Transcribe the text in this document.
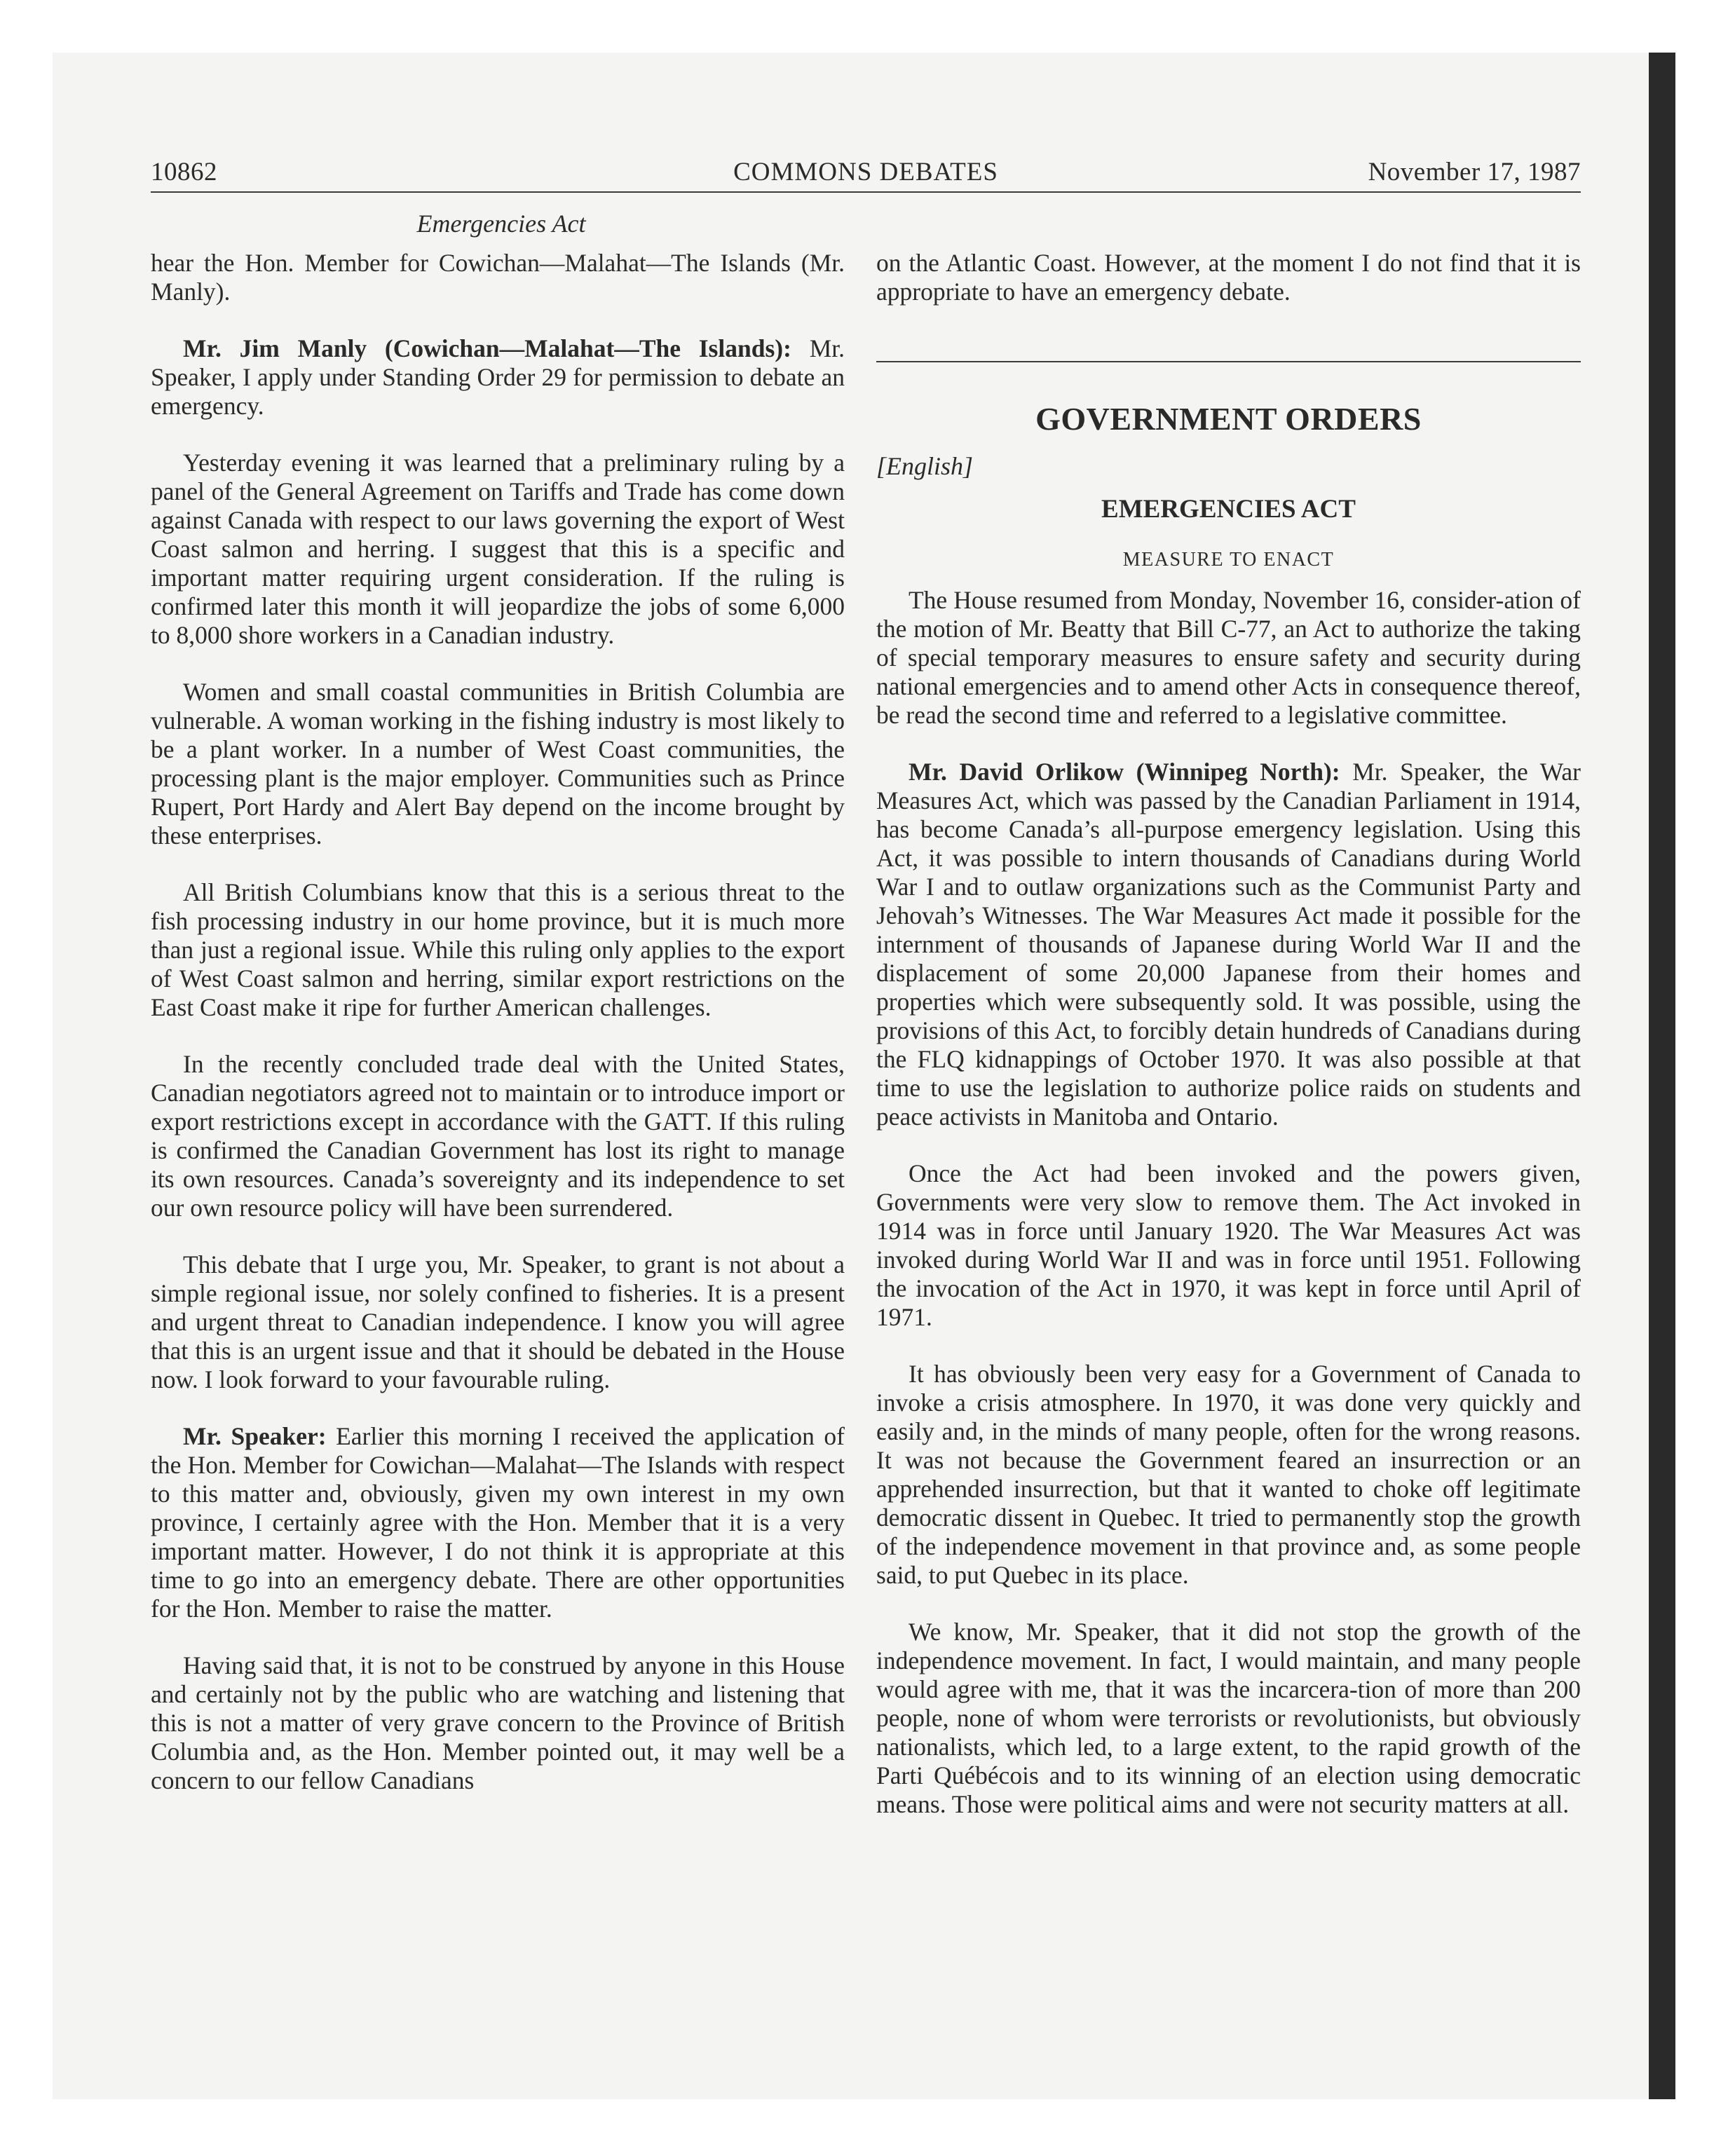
10862	COMMONS DEBATES	November 17, 1987
Emergencies Act

hear the Hon. Member for Cowichan—Malahat—The Islands (Mr. Manly).

Mr. Jim Manly (Cowichan—Malahat—The Islands): Mr. Speaker, I apply under Standing Order 29 for permission to debate an emergency.

Yesterday evening it was learned that a preliminary ruling by a panel of the General Agreement on Tariffs and Trade has come down against Canada with respect to our laws governing the export of West Coast salmon and herring. I suggest that this is a specific and important matter requiring urgent consideration. If the ruling is confirmed later this month it will jeopardize the jobs of some 6,000 to 8,000 shore workers in a Canadian industry.

Women and small coastal communities in British Columbia are vulnerable. A woman working in the fishing industry is most likely to be a plant worker. In a number of West Coast communities, the processing plant is the major employer. Communities such as Prince Rupert, Port Hardy and Alert Bay depend on the income brought by these enterprises.

All British Columbians know that this is a serious threat to the fish processing industry in our home province, but it is much more than just a regional issue. While this ruling only applies to the export of West Coast salmon and herring, similar export restrictions on the East Coast make it ripe for further American challenges.

In the recently concluded trade deal with the United States, Canadian negotiators agreed not to maintain or to introduce import or export restrictions except in accordance with the GATT. If this ruling is confirmed the Canadian Government has lost its right to manage its own resources. Canada’s sovereignty and its independence to set our own resource policy will have been surrendered.

This debate that I urge you, Mr. Speaker, to grant is not about a simple regional issue, nor solely confined to fisheries. It is a present and urgent threat to Canadian independence. I know you will agree that this is an urgent issue and that it should be debated in the House now. I look forward to your favourable ruling.

Mr. Speaker: Earlier this morning I received the application of the Hon. Member for Cowichan—Malahat—The Islands with respect to this matter and, obviously, given my own interest in my own province, I certainly agree with the Hon. Member that it is a very important matter. However, I do not think it is appropriate at this time to go into an emergency debate. There are other opportunities for the Hon. Member to raise the matter.

Having said that, it is not to be construed by anyone in this House and certainly not by the public who are watching and listening that this is not a matter of very grave concern to the Province of British Columbia and, as the Hon. Member pointed out, it may well be a concern to our fellow Canadians

on the Atlantic Coast. However, at the moment I do not find that it is appropriate to have an emergency debate.

GOVERNMENT ORDERS
[English]
EMERGENCIES ACT
MEASURE TO ENACT

The House resumed from Monday, November 16, consider-ation of the motion of Mr. Beatty that Bill C-77, an Act to authorize the taking of special temporary measures to ensure safety and security during national emergencies and to amend other Acts in consequence thereof, be read the second time and referred to a legislative committee.

Mr. David Orlikow (Winnipeg North): Mr. Speaker, the War Measures Act, which was passed by the Canadian Parliament in 1914, has become Canada’s all-purpose emergency legislation. Using this Act, it was possible to intern thousands of Canadians during World War I and to outlaw organizations such as the Communist Party and Jehovah’s Witnesses. The War Measures Act made it possible for the internment of thousands of Japanese during World War II and the displacement of some 20,000 Japanese from their homes and properties which were subsequently sold. It was possible, using the provisions of this Act, to forcibly detain hundreds of Canadians during the FLQ kidnappings of October 1970. It was also possible at that time to use the legislation to authorize police raids on students and peace activists in Manitoba and Ontario.

Once the Act had been invoked and the powers given, Governments were very slow to remove them. The Act invoked in 1914 was in force until January 1920. The War Measures Act was invoked during World War II and was in force until 1951. Following the invocation of the Act in 1970, it was kept in force until April of 1971.

It has obviously been very easy for a Government of Canada to invoke a crisis atmosphere. In 1970, it was done very quickly and easily and, in the minds of many people, often for the wrong reasons. It was not because the Government feared an insurrection or an apprehended insurrection, but that it wanted to choke off legitimate democratic dissent in Quebec. It tried to permanently stop the growth of the independence movement in that province and, as some people said, to put Quebec in its place.

We know, Mr. Speaker, that it did not stop the growth of the independence movement. In fact, I would maintain, and many people would agree with me, that it was the incarcera-tion of more than 200 people, none of whom were terrorists or revolutionists, but obviously nationalists, which led, to a large extent, to the rapid growth of the Parti Québécois and to its winning of an election using democratic means. Those were political aims and were not security matters at all.
